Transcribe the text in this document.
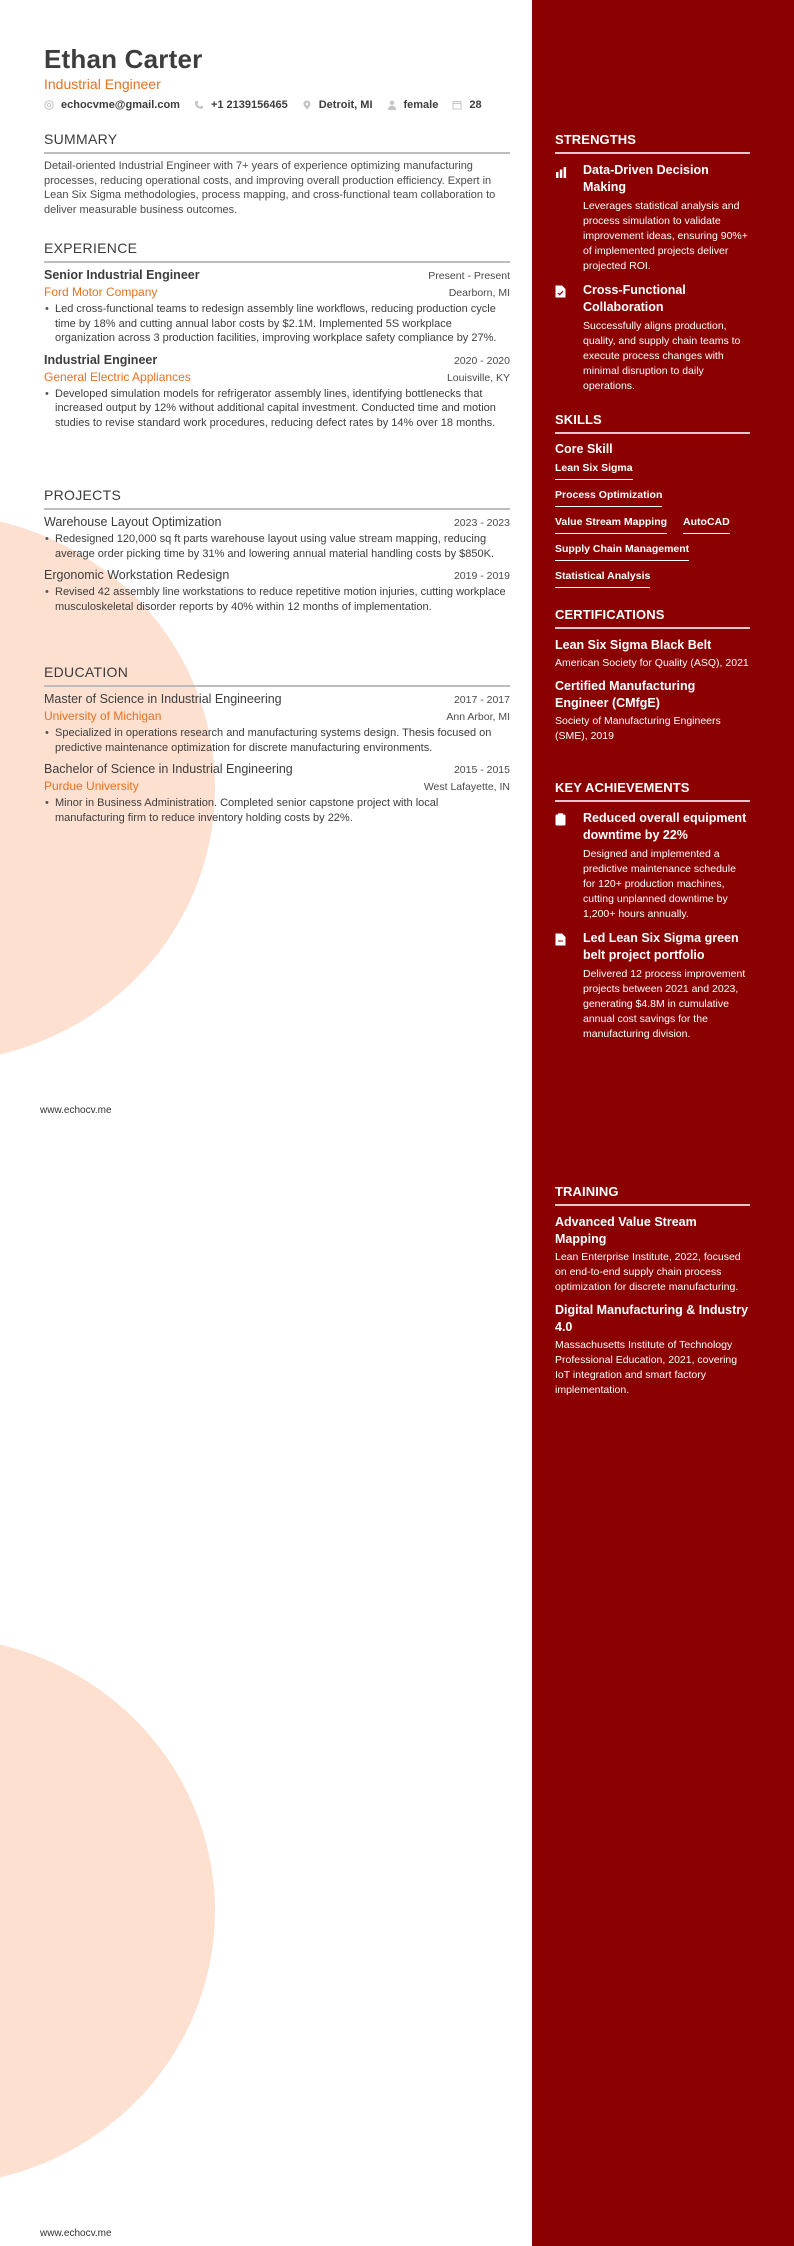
Ethan Carter
Industrial Engineer
echocvme@gmail.com	+1 2139156465	Detroit, MI	female	28
SUMMARY

Detail-oriented Industrial Engineer with 7+ years of experience optimizing manufacturing processes, reducing operational costs, and improving overall production efficiency. Expert in Lean Six Sigma methodologies, process mapping, and cross-functional team collaboration to deliver measurable business outcomes.

EXPERIENCE
Senior Industrial Engineer	Present - Present
Ford Motor Company	Dearborn, MI
• Led cross-functional teams to redesign assembly line workflows, reducing production cycle time by 18% and cutting annual labor costs by $2.1M. Implemented 5S workplace organization across 3 production facilities, improving workplace safety compliance by 27%.
Industrial Engineer	2020 - 2020
General Electric Appliances	Louisville, KY
• Developed simulation models for refrigerator assembly lines, identifying bottlenecks that increased output by 12% without additional capital investment. Conducted time and motion studies to revise standard work procedures, reducing defect rates by 14% over 18 months.
PROJECTS
Warehouse Layout Optimization	2023 - 2023
• Redesigned 120,000 sq ft parts warehouse layout using value stream mapping, reducing average order picking time by 31% and lowering annual material handling costs by $850K.
Ergonomic Workstation Redesign	2019 - 2019
• Revised 42 assembly line workstations to reduce repetitive motion injuries, cutting workplace musculoskeletal disorder reports by 40% within 12 months of implementation.
EDUCATION
Master of Science in Industrial Engineering	2017 - 2017
University of Michigan	Ann Arbor, MI
• Specialized in operations research and manufacturing systems design. Thesis focused on predictive maintenance optimization for discrete manufacturing environments.
Bachelor of Science in Industrial Engineering	2015 - 2015
Purdue University	West Lafayette, IN
• Minor in Business Administration. Completed senior capstone project with local manufacturing firm to reduce inventory holding costs by 22%.
www.echocv.me
www.echocv.me
STRENGTHS
Data-Driven Decision Making
Leverages statistical analysis and process simulation to validate improvement ideas, ensuring 90%+ of implemented projects deliver projected ROI.
Cross-Functional Collaboration
Successfully aligns production, quality, and supply chain teams to execute process changes with minimal disruption to daily operations.
SKILLS
Core Skill
Lean Six Sigma
Process Optimization
Value Stream Mapping AutoCAD
Supply Chain Management
Statistical Analysis
CERTIFICATIONS
Lean Six Sigma Black Belt
American Society for Quality (ASQ), 2021
Certified Manufacturing Engineer (CMfgE)
Society of Manufacturing Engineers (SME), 2019
KEY ACHIEVEMENTS
Reduced overall equipment downtime by 22%
Designed and implemented a predictive maintenance schedule for 120+ production machines, cutting unplanned downtime by 1,200+ hours annually.
Led Lean Six Sigma green belt project portfolio
Delivered 12 process improvement projects between 2021 and 2023, generating $4.8M in cumulative annual cost savings for the manufacturing division.
TRAINING
Advanced Value Stream Mapping
Lean Enterprise Institute, 2022, focused on end-to-end supply chain process optimization for discrete manufacturing.
Digital Manufacturing & Industry 4.0
Massachusetts Institute of Technology Professional Education, 2021, covering IoT integration and smart factory implementation.
